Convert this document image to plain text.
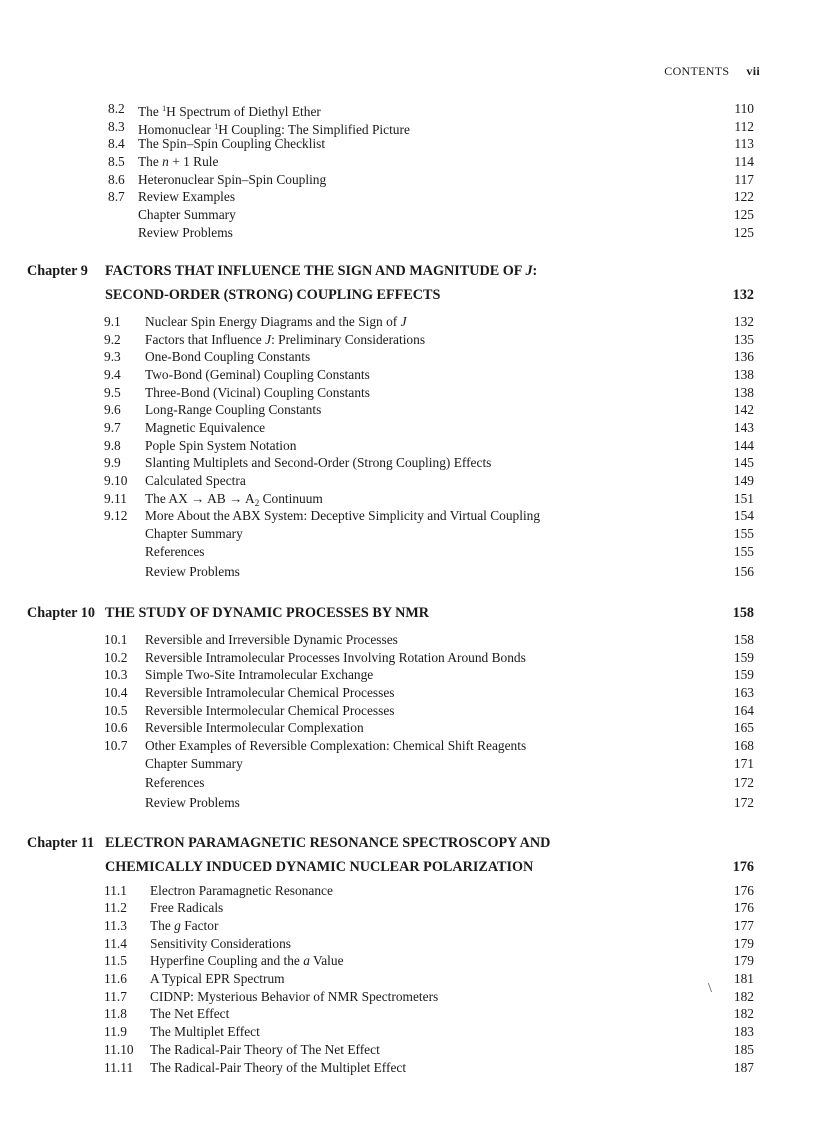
CONTENTS vii
8.2 The $^1$H Spectrum of Diethyl Ether	110
8.3 Homonuclear $^1$H Coupling: The Simplified Picture	112
8.4 The Spin–Spin Coupling Checklist	113
8.5 The n + 1 Rule	114
8.6 Heteronuclear Spin–Spin Coupling	117
8.7 Review Examples	122
Chapter Summary	125
Review Problems	125
Chapter 9 FACTORS THAT INFLUENCE THE SIGN AND MAGNITUDE OF J:
SECOND-ORDER (STRONG) COUPLING EFFECTS	132
9.1 Nuclear Spin Energy Diagrams and the Sign of J	132
9.2 Factors that Influence J: Preliminary Considerations	135
9.3 One-Bond Coupling Constants	136
9.4 Two-Bond (Geminal) Coupling Constants	138
9.5 Three-Bond (Vicinal) Coupling Constants	138
9.6 Long-Range Coupling Constants	142
9.7 Magnetic Equivalence	143
9.8 Pople Spin System Notation	144
9.9 Slanting Multiplets and Second-Order (Strong Coupling) Effects	145
9.10 Calculated Spectra	149
9.11 The AX → AB → $A_2$ Continuum	151
9.12 More About the ABX System: Deceptive Simplicity and Virtual Coupling	154
Chapter Summary	155
References	155
Review Problems	156
Chapter 10 THE STUDY OF DYNAMIC PROCESSES BY NMR	158
10.1 Reversible and Irreversible Dynamic Processes	158
10.2 Reversible Intramolecular Processes Involving Rotation Around Bonds	159
10.3 Simple Two-Site Intramolecular Exchange	159
10.4 Reversible Intramolecular Chemical Processes	163
10.5 Reversible Intermolecular Chemical Processes	164
10.6 Reversible Intermolecular Complexation	165
10.7 Other Examples of Reversible Complexation: Chemical Shift Reagents	168
Chapter Summary	171
References	172
Review Problems	172
Chapter 11 ELECTRON PARAMAGNETIC RESONANCE SPECTROSCOPY AND
CHEMICALLY INDUCED DYNAMIC NUCLEAR POLARIZATION	176
11.1 Electron Paramagnetic Resonance	176
11.2 Free Radicals	176
11.3 The g Factor	177
11.4 Sensitivity Considerations	179
11.5 Hyperfine Coupling and the a Value	179
11.6 A Typical EPR Spectrum	181
11.7 CIDNP: Mysterious Behavior of NMR Spectrometers	182
11.8 The Net Effect	182
11.9 The Multiplet Effect	183
11.10 The Radical-Pair Theory of The Net Effect	185
11.11 The Radical-Pair Theory of the Multiplet Effect	187
\
